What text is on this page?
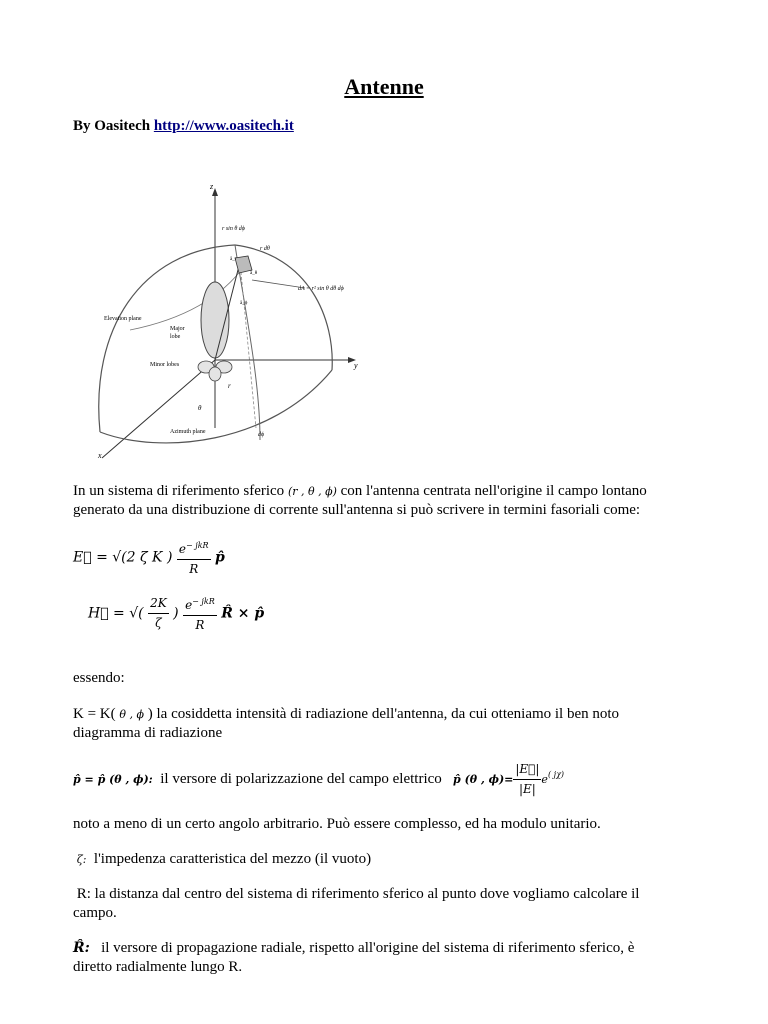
Antenne
By Oasitech http://www.oasitech.it
z
y
x
r sin θ dϕ
r dθ
dA = r² sin θ dθ dϕ
â_r
â_θ
â_ϕ
Elevation plane
Major
lobe
Minor lobes
θ
r
Azimuth plane	dϕ
In un sistema di riferimento sferico (r , θ , ϕ) con l'antenna centrata nell'origine il campo lontano
generato da una distribuzione di corrente sull'antenna si può scrivere in termini fasoriali come:
E⃗ = √(2 ζ K ) $\frac{e^{- jkR}}{R}$ p̂
H⃗ = √( $\frac{2K}{\zeta}$ ) $\frac{e^{- jkR}}{R}$ R̂ × p̂
essendo:
K = K( θ , ϕ ) la cosiddetta intensità di radiazione dell'antenna, da cui otteniamo il ben noto
diagramma di radiazione
p̂ = p̂ (θ , ϕ): il versore di polarizzazione del campo elettrico p̂ (θ , $\phi)= \frac{|E⃗|}{|E|} e^{( j\chi)}$
noto a meno di un certo angolo arbitrario. Può essere complesso, ed ha modulo unitario.
ζ: l'impedenza caratteristica del mezzo (il vuoto)
R: la distanza dal centro del sistema di riferimento sferico al punto dove vogliamo calcolare il
campo.
R̂: il versore di propagazione radiale, rispetto all'origine del sistema di riferimento sferico, è
diretto radialmente lungo R.
